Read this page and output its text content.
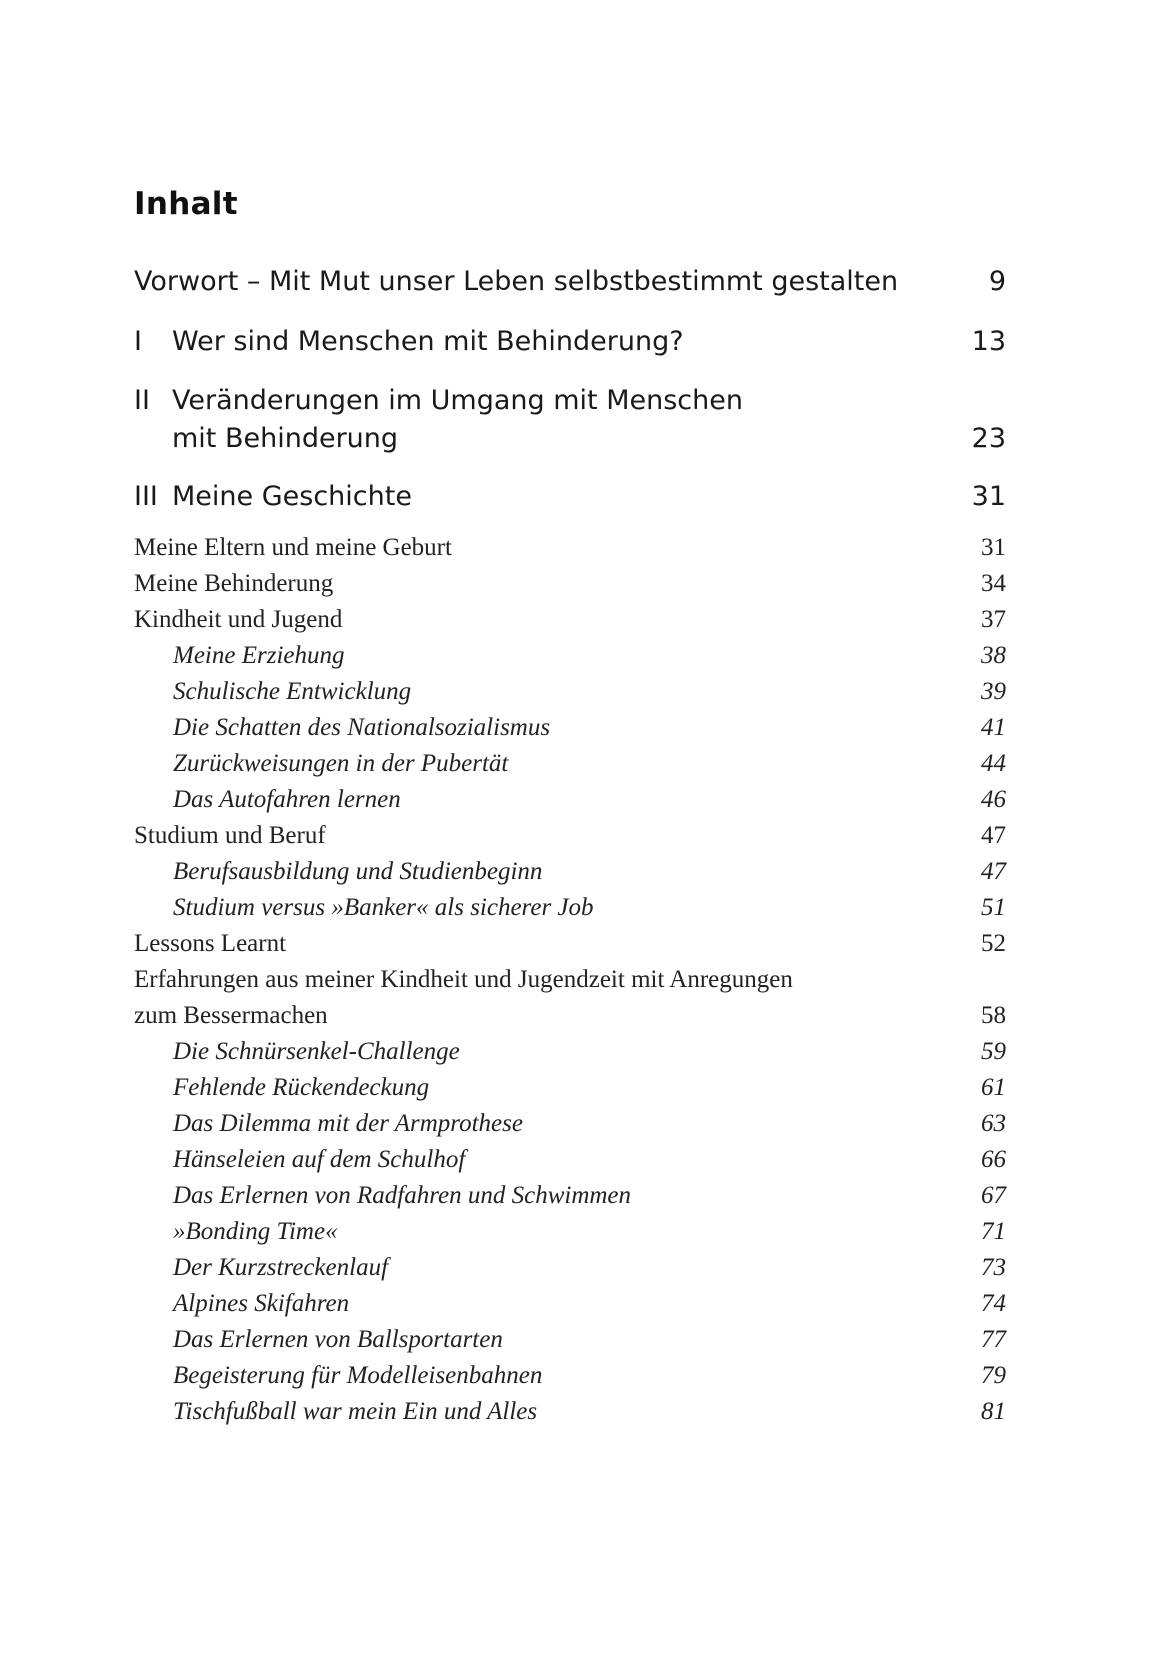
Inhalt
Vorwort – Mit Mut unser Leben selbstbestimmt gestalten	9
I Wer sind Menschen mit Behinderung?	13
II Veränderungen im Umgang mit Menschen
mit Behinderung	23
III Meine Geschichte	31
Meine Eltern und meine Geburt	31
Meine Behinderung	34
Kindheit und Jugend	37
Meine Erziehung	38
Schulische Entwicklung	39
Die Schatten des Nationalsozialismus	41
Zurückweisungen in der Pubertät	44
Das Autofahren lernen	46
Studium und Beruf	47
Berufsausbildung und Studienbeginn	47
Studium versus »Banker« als sicherer Job	51
Lessons Learnt	52
Erfahrungen aus meiner Kindheit und Jugendzeit mit Anregungen
zum Bessermachen	58
Die Schnürsenkel-Challenge	59
Fehlende Rückendeckung	61
Das Dilemma mit der Armprothese	63
Hänseleien auf dem Schulhof	66
Das Erlernen von Radfahren und Schwimmen	67
»Bonding Time«	71
Der Kurzstreckenlauf	73
Alpines Skifahren	74
Das Erlernen von Ballsportarten	77
Begeisterung für Modelleisenbahnen	79
Tischfußball war mein Ein und Alles	81
